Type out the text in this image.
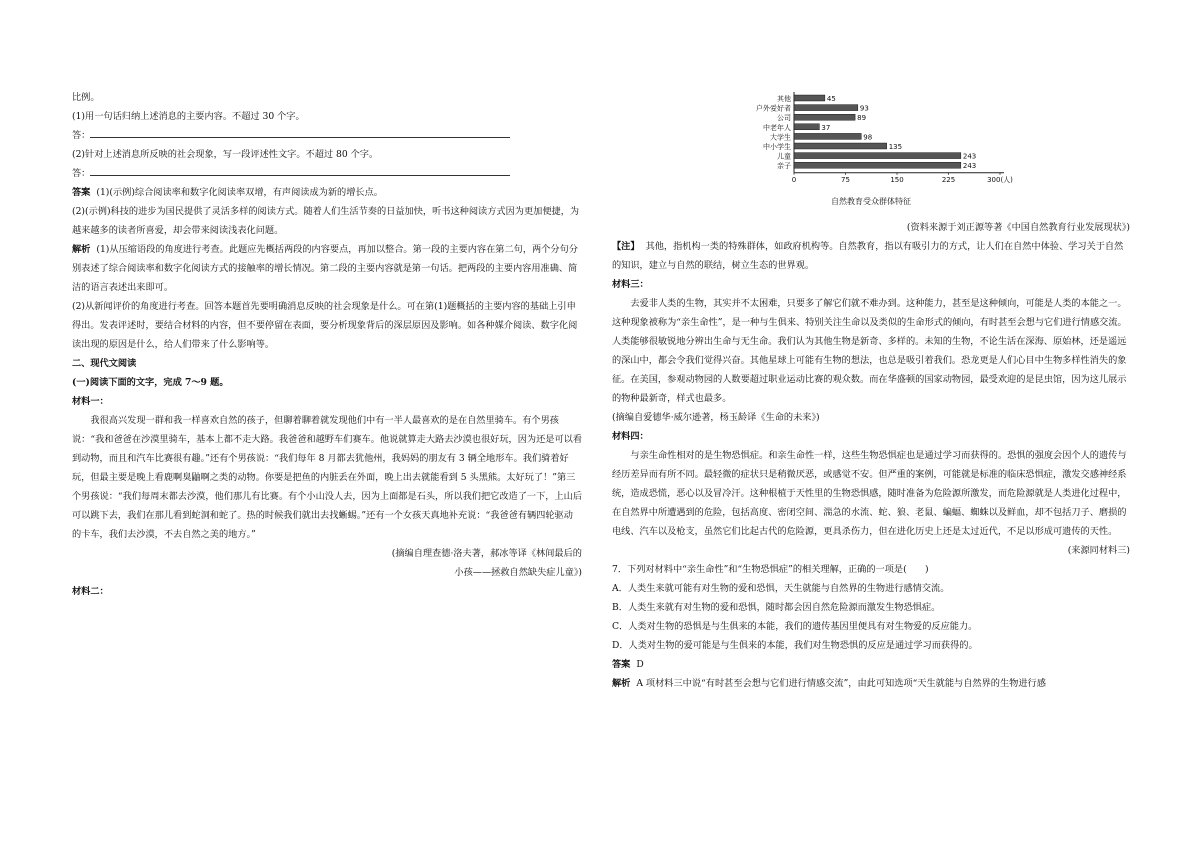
比例。

(1)用一句话归纳上述消息的主要内容。不超过 30 个字。

答：

(2)针对上述消息所反映的社会现象，写一段评述性文字。不超过 80 个字。

答：

答案 (1)(示例)综合阅读率和数字化阅读率双增，有声阅读成为新的增长点。

(2)(示例)科技的进步为国民提供了灵活多样的阅读方式。随着人们生活节奏的日益加快，听书这种阅读方式因为更加便捷，为越来越多的读者所喜爱，却会带来阅读浅表化问题。

解析 (1)从压缩语段的角度进行考查。此题应先概括两段的内容要点，再加以整合。第一段的主要内容在第二句，两个分句分别表述了综合阅读率和数字化阅读方式的接触率的增长情况。第二段的主要内容就是第一句话。把两段的主要内容用准确、简洁的语言表述出来即可。

(2)从新闻评价的角度进行考查。回答本题首先要明确消息反映的社会现象是什么。可在第(1)题概括的主要内容的基础上引申得出。发表评述时，要结合材料的内容，但不要停留在表面，要分析现象背后的深层原因及影响。如各种媒介阅读、数字化阅读出现的原因是什么，给人们带来了什么影响等。

二、现代文阅读

(一)阅读下面的文字，完成 7～9 题。

材料一：

我很高兴发现一群和我一样喜欢自然的孩子，但聊着聊着就发现他们中有一半人最喜欢的是在自然里骑车。有个男孩说：“我和爸爸在沙漠里骑车，基本上都不走大路。我爸爸和越野车们赛车。他说就算走大路去沙漠也很好玩，因为还是可以看到动物，而且和汽车比赛很有趣。”还有个男孩说：“我们每年 8 月都去犹他州，我妈妈的朋友有 3 辆全地形车。我们骑着好玩，但最主要是晚上看鹿啊臭鼬啊之类的动物。你要是把鱼的内脏丢在外面，晚上出去就能看到 5 头黑熊。太好玩了！”第三个男孩说：“我们每周末都去沙漠，他们那儿有比赛。有个小山没人去，因为上面都是石头，所以我们把它改造了一下，上山后可以跳下去，我们在那儿看到蛇洞和蛇了。热的时候我们就出去找蜥蜴。”还有一个女孩天真地补充说：“我爸爸有辆四轮驱动的卡车，我们去沙漠，不去自然之美的地方。”

(摘编自理查德·洛夫著，郝冰等译《林间最后的

小孩——拯救自然缺失症儿童》)

材料二：

其他	45
户外爱好者	93
公司	89
中老年人	37
大学生	98
中小学生	135
儿童	243
亲子	243
0	75	150	225	300(人)
自然教育受众群体特征

(资料来源于刘正源等著《中国自然教育行业发展现状》)

【注】 其他，指机构一类的特殊群体，如政府机构等。自然教育，指以有吸引力的方式，让人们在自然中体验、学习关于自然的知识，建立与自然的联结，树立生态的世界观。

材料三：

去爱非人类的生物，其实并不太困难，只要多了解它们就不难办到。这种能力，甚至是这种倾向，可能是人类的本能之一。这种现象被称为“亲生命性”，是一种与生俱来、特别关注生命以及类似的生命形式的倾向，有时甚至会想与它们进行情感交流。人类能够很敏锐地分辨出生命与无生命。我们认为其他生物是新奇、多样的。未知的生物，不论生活在深海、原始林，还是遥远的深山中，都会令我们觉得兴奋。其他星球上可能有生物的想法，也总是吸引着我们。恐龙更是人们心目中生物多样性消失的象征。在美国，参观动物园的人数要超过职业运动比赛的观众数。而在华盛顿的国家动物园，最受欢迎的是昆虫馆，因为这儿展示的物种最新奇，样式也最多。

(摘编自爱德华·威尔逊著，杨玉龄译《生命的未来》)

材料四：

与亲生命性相对的是生物恐惧症。和亲生命性一样，这些生物恐惧症也是通过学习而获得的。恐惧的强度会因个人的遗传与经历差异而有所不同。最轻微的症状只是稍微厌恶，或感觉不安。但严重的案例，可能就是标准的临床恐惧症，激发交感神经系统，造成恐慌，恶心以及冒冷汗。这种根植于天性里的生物恐惧感，随时准备为危险源所激发，而危险源就是人类进化过程中，在自然界中所遭遇到的危险，包括高度、密闭空间、湍急的水流、蛇、狼、老鼠、蝙蝠、蜘蛛以及鲜血，却不包括刀子、磨损的电线、汽车以及枪支，虽然它们比起古代的危险源，更具杀伤力，但在进化历史上还是太过近代，不足以形成可遗传的天性。

(来源同材料三)

7．下列对材料中“亲生命性”和“生物恐惧症”的相关理解，正确的一项是(　　)

A．人类生来就可能有对生物的爱和恐惧，天生就能与自然界的生物进行感情交流。

B．人类生来就有对生物的爱和恐惧，随时都会因自然危险源而激发生物恐惧症。

C．人类对生物的恐惧是与生俱来的本能，我们的遗传基因里便具有对生物爱的反应能力。

D．人类对生物的爱可能是与生俱来的本能，我们对生物恐惧的反应是通过学习而获得的。

答案 D

解析 A 项材料三中说“有时甚至会想与它们进行情感交流”，由此可知选项“天生就能与自然界的生物进行感
